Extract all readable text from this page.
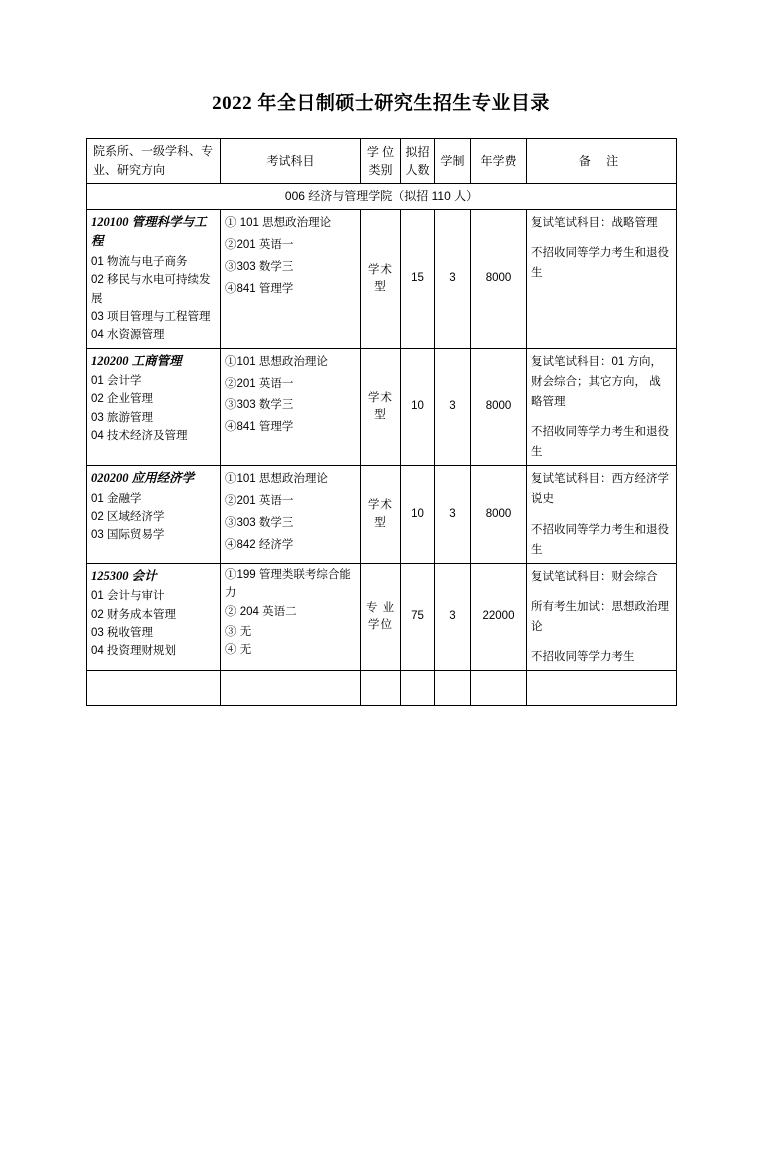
2022 年全日制硕士研究生招生专业目录
院系所、一级学科、专业、研究方向	考试科目	学 位类别	拟招人数	学制	年学费	备 注
006 经济与管理学院（拟招 110 人）						

120100 管理科学与工程
01 物流与电子商务
02 移民与水电可持续发展
03 项目管理与工程管理
04 水资源管理	① 101 思想政治理论
②201 英语一
③303 数学三
④841 管理学	学术型	15	3	8000	复试笔试科目：战略管理
不招收同等学力考生和退役生

120200 工商管理
01 会计学
02 企业管理
03 旅游管理
04 技术经济及管理	①101 思想政治理论
②201 英语一
③303 数学三
④841 管理学	学术型	10	3	8000	复试笔试科目：01 方向，财会综合；其它方向， 战略管理
不招收同等学力考生和退役生

020200 应用经济学
01 金融学
02 区域经济学
03 国际贸易学	①101 思想政治理论
②201 英语一
③303 数学三
④842 经济学	学术型	10	3	8000	复试笔试科目：西方经济学说史
不招收同等学力考生和退役生

125300 会计
01 会计与审计
02 财务成本管理
03 税收管理
04 投资理财规划	①199 管理类联考综合能力
② 204 英语二
③ 无
④ 无	专 业学位	75	3	22000	复试笔试科目：财会综合
所有考生加试：思想政治理论
不招收同等学力考生
